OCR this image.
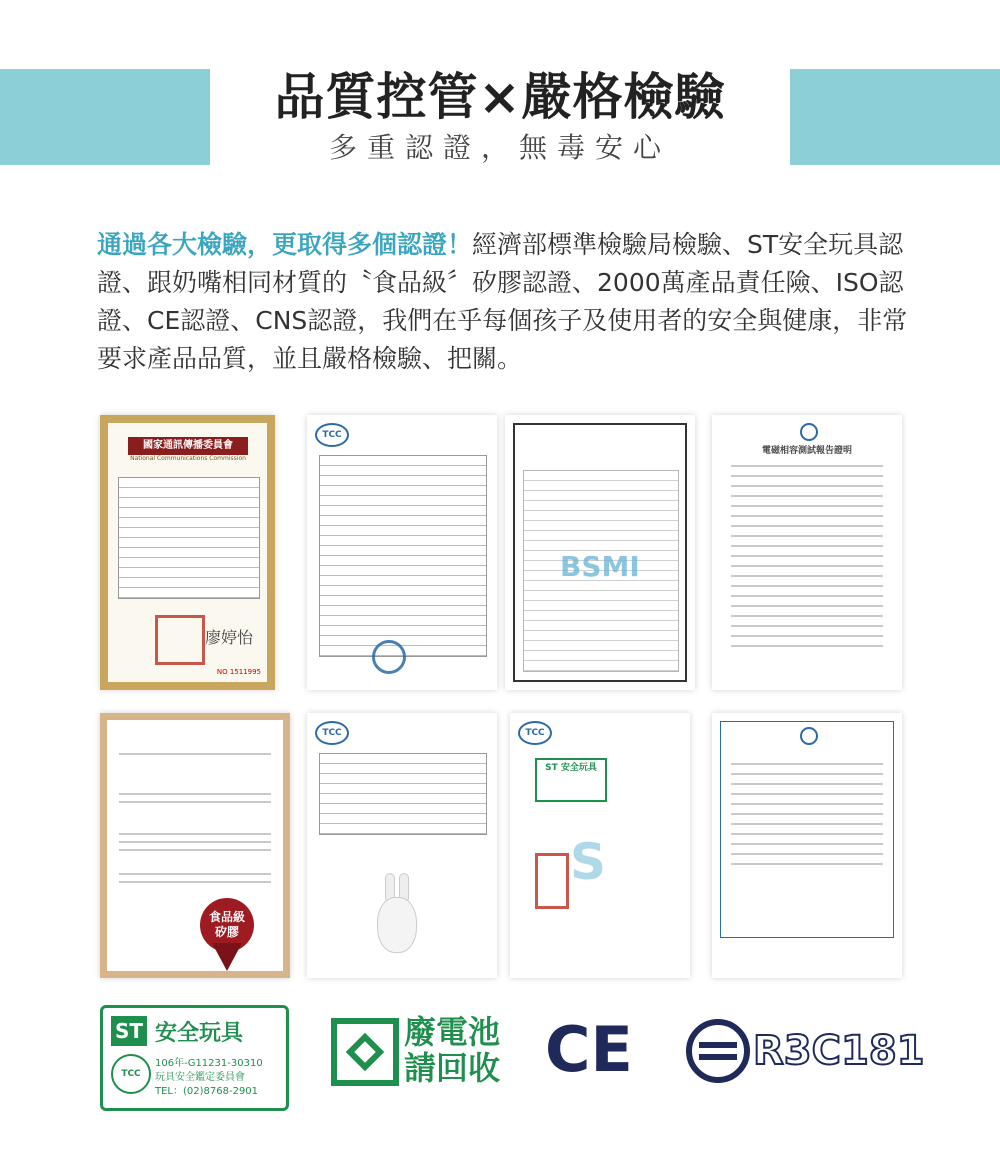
品質控管×嚴格檢驗
多重認證，無毒安心
通過各大檢驗，更取得多個認證！經濟部標準檢驗局檢驗、ST安全玩具認證、跟奶嘴相同材質的〝食品級〞矽膠認證、2000萬產品責任險、ISO認證、CE認證、CNS認證，我們在乎每個孩子及使用者的安全與健康，非常要求產品品質，並且嚴格檢驗、把關。
國家通訊傳播委員會
National Communications Commission
廖婷怡
NO 1511995
TCC
BSMI
電磁相容測試報告證明
食品級
矽膠
TCC	TCC
ST 安全玩具
S
ST 安全玩具
TCC
106年-G11231-30310
玩具安全鑑定委員會
TEL：(02)8768-2901
廢電池
請回收 CE	R3C181
